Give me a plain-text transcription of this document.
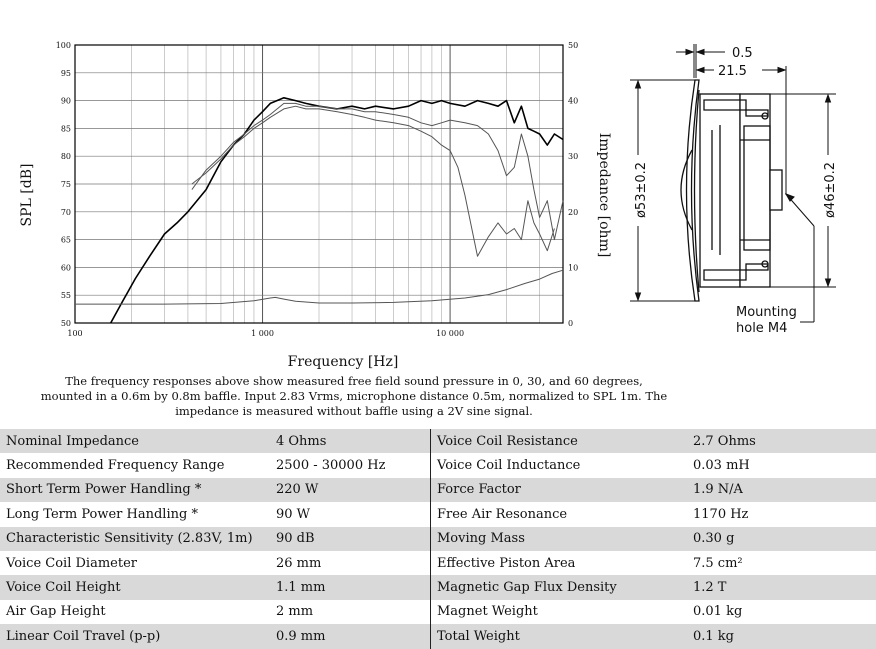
50
55
60
65
70
75
80
85
90
95
100
0
10
20
30
40
50
100	1 000	10 000
SPL [dB]	Impedance [ohm]
Frequency [Hz]
0.5
21.5
ø53±0.2	ø46±0.2
Mounting
hole M4
The frequency responses above show measured free field sound pressure in 0, 30, and 60 degrees, mounted in a 0.6m by 0.8m baffle. Input 2.83 Vrms, microphone distance 0.5m, normalized to SPL 1m. The impedance is measured without baffle using a 2V sine signal.
Nominal Impedance	4 Ohms	Voice Coil Resistance	2.7 Ohms
Recommended Frequency Range	2500 - 30000 Hz	Voice Coil Inductance	0.03 mH
Short Term Power Handling *	220 W	Force Factor	1.9 N/A
Long Term Power Handling *	90 W	Free Air Resonance	1170 Hz
Characteristic Sensitivity (2.83V, 1m)	90 dB	Moving Mass	0.30 g
Voice Coil Diameter	26 mm	Effective Piston Area	7.5 cm²
Voice Coil Height	1.1 mm	Magnetic Gap Flux Density	1.2 T
Air Gap Height	2 mm	Magnet Weight	0.01 kg
Linear Coil Travel (p-p)	0.9 mm	Total Weight	0.1 kg
